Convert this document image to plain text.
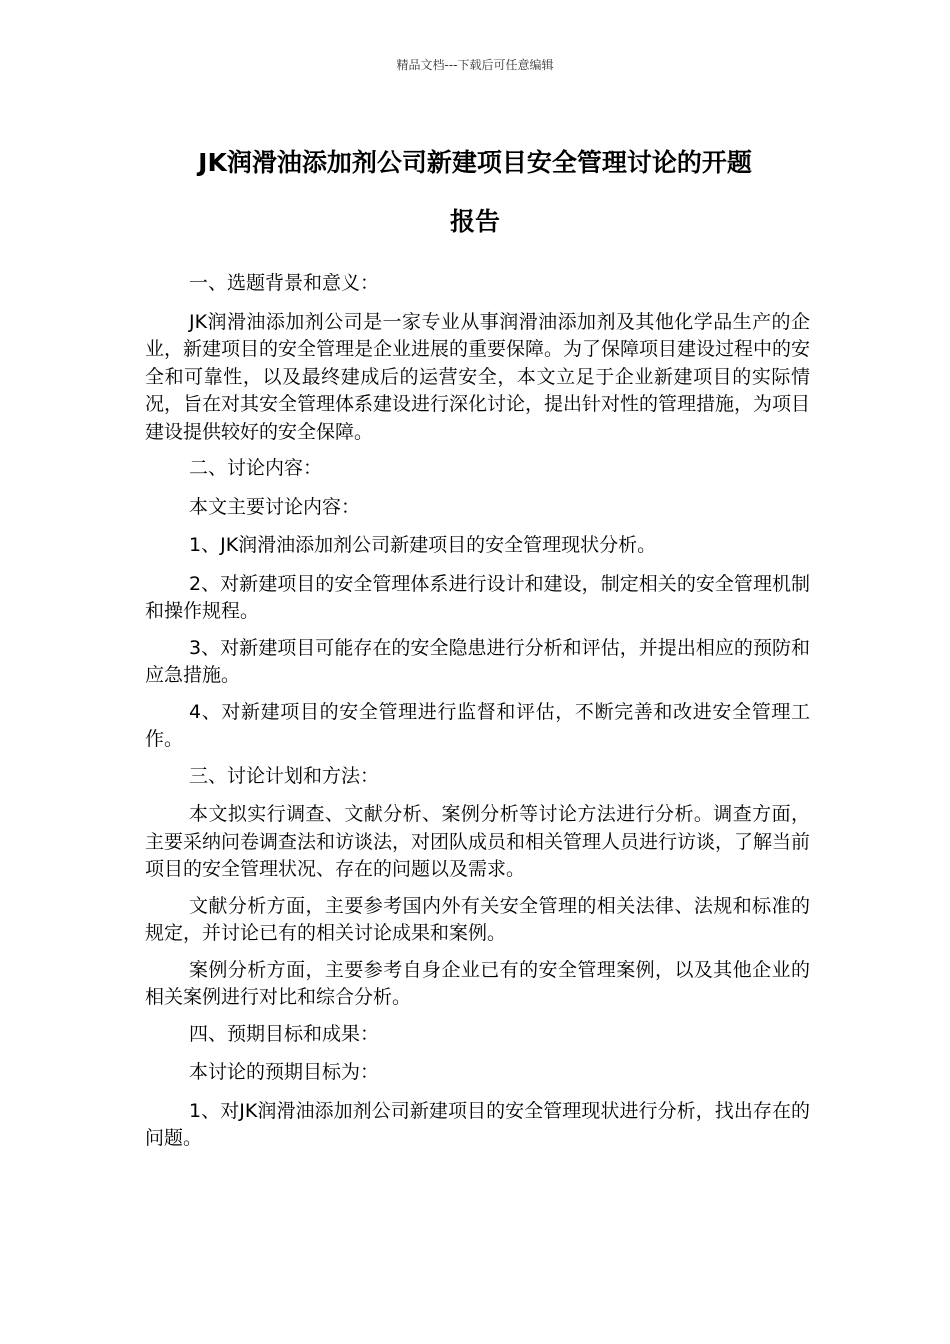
精品文档---下载后可任意编辑
JK润滑油添加剂公司新建项目安全管理讨论的开题
报告

一、选题背景和意义：

JK润滑油添加剂公司是一家专业从事润滑油添加剂及其他化学品生产的企业，新建项目的安全管理是企业进展的重要保障。为了保障项目建设过程中的安全和可靠性，以及最终建成后的运营安全，本文立足于企业新建项目的实际情况，旨在对其安全管理体系建设进行深化讨论，提出针对性的管理措施，为项目建设提供较好的安全保障。

二、讨论内容：

本文主要讨论内容：

1、JK润滑油添加剂公司新建项目的安全管理现状分析。

2、对新建项目的安全管理体系进行设计和建设，制定相关的安全管理机制和操作规程。

3、对新建项目可能存在的安全隐患进行分析和评估，并提出相应的预防和应急措施。

4、对新建项目的安全管理进行监督和评估，不断完善和改进安全管理工作。

三、讨论计划和方法：

本文拟实行调查、文献分析、案例分析等讨论方法进行分析。调查方面，主要采纳问卷调查法和访谈法，对团队成员和相关管理人员进行访谈，了解当前项目的安全管理状况、存在的问题以及需求。

文献分析方面，主要参考国内外有关安全管理的相关法律、法规和标准的规定，并讨论已有的相关讨论成果和案例。

案例分析方面，主要参考自身企业已有的安全管理案例，以及其他企业的相关案例进行对比和综合分析。

四、预期目标和成果：

本讨论的预期目标为：

1、对JK润滑油添加剂公司新建项目的安全管理现状进行分析，找出存在的问题。
